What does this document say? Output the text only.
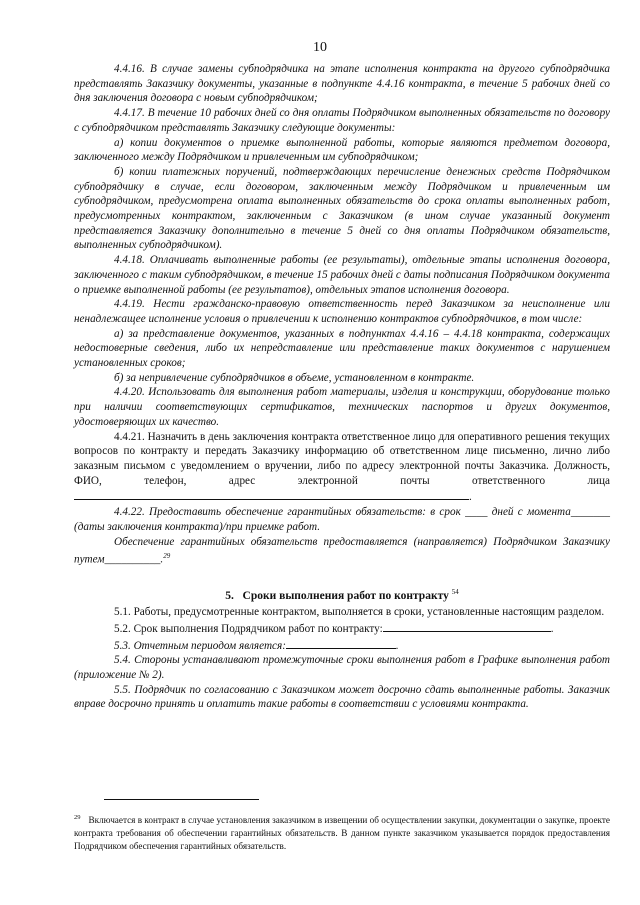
10

4.4.16. В случае замены субподрядчика на этапе исполнения контракта на другого субподрядчика представлять Заказчику документы, указанные в подпункте 4.4.16 контракта, в течение 5 рабочих дней со дня заключения договора с новым субподрядчиком;

4.4.17. В течение 10 рабочих дней со дня оплаты Подрядчиком выполненных обязательств по договору с субподрядчиком представлять Заказчику следующие документы:

а) копии документов о приемке выполненной работы, которые являются предметом договора, заключенного между Подрядчиком и привлеченным им субподрядчиком;

б) копии платежных поручений, подтверждающих перечисление денежных средств Подрядчиком субподрядчику в случае, если договором, заключенным между Подрядчиком и привлеченным им субподрядчиком, предусмотрена оплата выполненных обязательств до срока оплаты выполненных работ, предусмотренных контрактом, заключенным с Заказчиком (в ином случае указанный документ представляется Заказчику дополнительно в течение 5 дней со дня оплаты Подрядчиком обязательств, выполненных субподрядчиком).

4.4.18. Оплачивать выполненные работы (ее результаты), отдельные этапы исполнения договора, заключенного с таким субподрядчиком, в течение 15 рабочих дней с даты подписания Подрядчиком документа о приемке выполненной работы (ее результатов), отдельных этапов исполнения договора.

4.4.19. Нести гражданско-правовую ответственность перед Заказчиком за неисполнение или ненадлежащее исполнение условия о привлечении к исполнению контрактов субподрядчиков, в том числе:

а) за представление документов, указанных в подпунктах 4.4.16 – 4.4.18 контракта, содержащих недостоверные сведения, либо их непредставление или представление таких документов с нарушением установленных сроков;

б) за непривлечение субподрядчиков в объеме, установленном в контракте.

4.4.20. Использовать для выполнения работ материалы, изделия и конструкции, оборудование только при наличии соответствующих сертификатов, технических паспортов и других документов, удостоверяющих их качество.

4.4.21. Назначить в день заключения контракта ответственное лицо для оперативного решения текущих вопросов по контракту и передать Заказчику информацию об ответственном лице письменно, лично либо заказным письмом с уведомлением о вручении, либо по адресу электронной почты Заказчика. Должность, ФИО, телефон, адрес электронной почты ответственного лица.

4.4.22. Предоставить обеспечение гарантийных обязательств: в срок ____ дней с момента_______ (даты заключения контракта)/при приемке работ.

Обеспечение гарантийных обязательств предоставляется (направляется) Подрядчиком Заказчику путем__________.$^{29}$

5. Сроки выполнения работ по контракту $^{54}$

5.1. Работы, предусмотренные контрактом, выполняется в сроки, установленные настоящим разделом.

5.2. Срок выполнения Подрядчиком работ по контракту:	.

5.3. Отчетным периодом является:	.

5.4. Стороны устанавливают промежуточные сроки выполнения работ в Графике выполнения работ (приложение № 2).

5.5. Подрядчик по согласованию с Заказчиком может досрочно сдать выполненные работы. Заказчик вправе досрочно принять и оплатить такие работы в соответствии с условиями контракта.

$^{29}$ Включается в контракт в случае установления заказчиком в извещении об осуществлении закупки, документации о закупке, проекте контракта требования об обеспечении гарантийных обязательств. В данном пункте заказчиком указывается порядок предоставления Подрядчиком обеспечения гарантийных обязательств.
